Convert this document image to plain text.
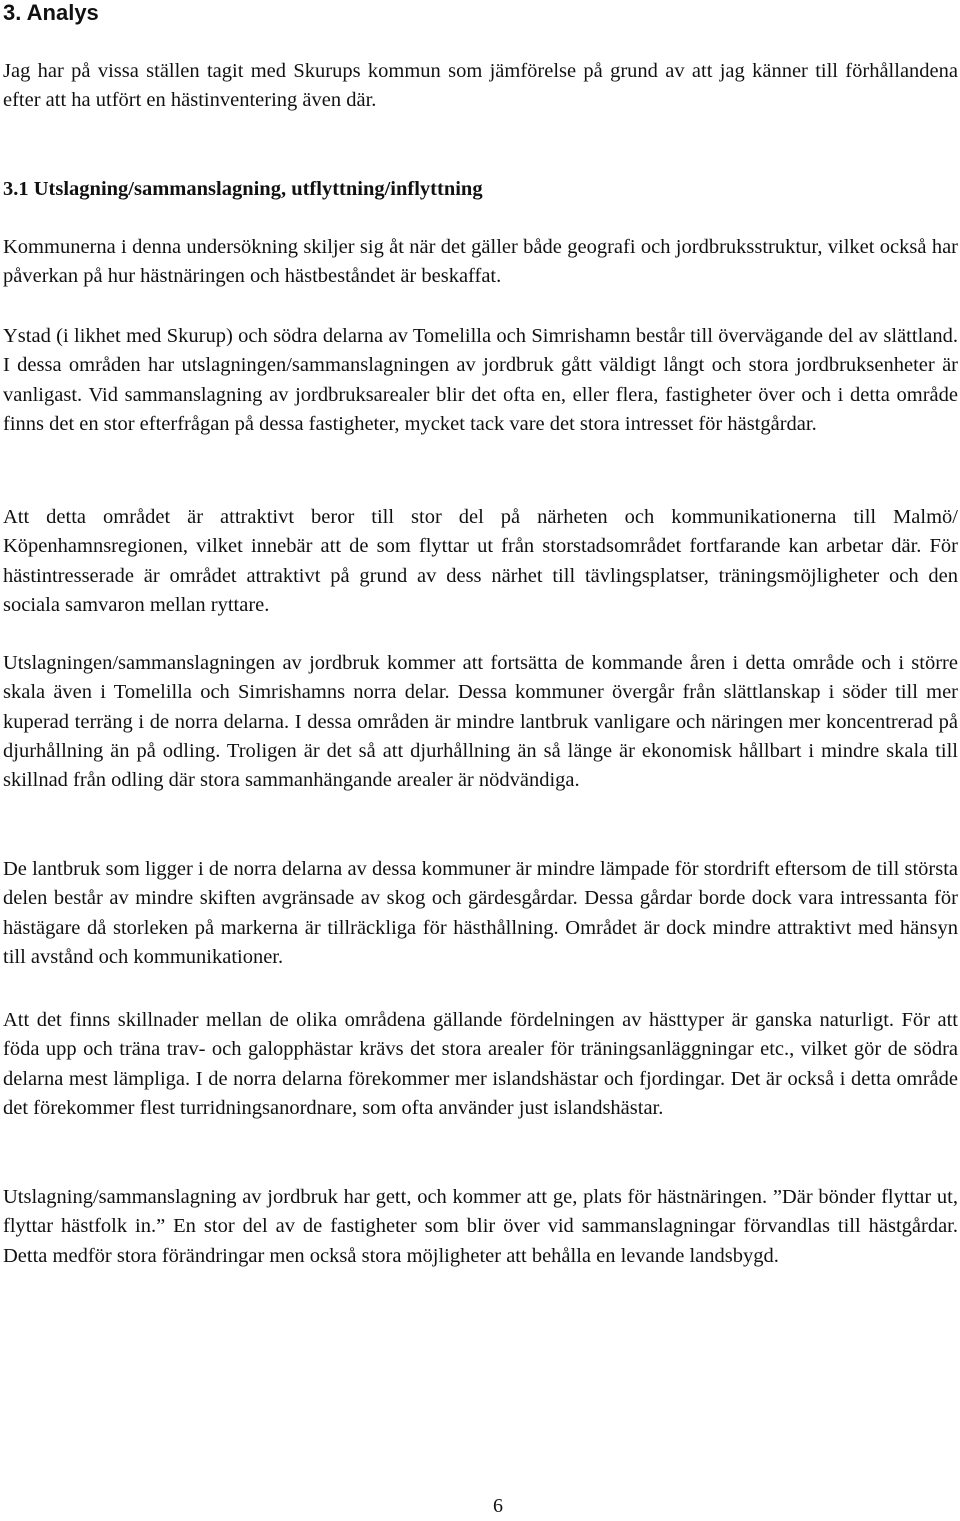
3. Analys

Jag har på vissa ställen tagit med Skurups kommun som jämförelse på grund av att jag känner till förhållandena efter att ha utfört en hästinventering även där.

3.1 Utslagning/sammanslagning, utflyttning/inflyttning

Kommunerna i denna undersökning skiljer sig åt när det gäller både geografi och jordbruksstruktur, vilket också har påverkan på hur hästnäringen och hästbeståndet är beskaffat.

Ystad (i likhet med Skurup) och södra delarna av Tomelilla och Simrishamn består till övervägande del av slättland. I dessa områden har utslagningen/sammanslagningen av jordbruk gått väldigt långt och stora jordbruksenheter är vanligast. Vid sammanslagning av jordbruksarealer blir det ofta en, eller flera, fastigheter över och i detta område finns det en stor efterfrågan på dessa fastigheter, mycket tack vare det stora intresset för hästgårdar.

Att detta området är attraktivt beror till stor del på närheten och kommunikationerna till Malmö/ Köpenhamnsregionen, vilket innebär att de som flyttar ut från storstadsområdet fortfarande kan arbetar där. För hästintresserade är området attraktivt på grund av dess närhet till tävlingsplatser, träningsmöjligheter och den sociala samvaron mellan ryttare.

Utslagningen/sammanslagningen av jordbruk kommer att fortsätta de kommande åren i detta område och i större skala även i Tomelilla och Simrishamns norra delar. Dessa kommuner övergår från slättlanskap i söder till mer kuperad terräng i de norra delarna. I dessa områden är mindre lantbruk vanligare och näringen mer koncentrerad på djurhållning än på odling. Troligen är det så att djurhållning än så länge är ekonomisk hållbart i mindre skala till skillnad från odling där stora sammanhängande arealer är nödvändiga.

De lantbruk som ligger i de norra delarna av dessa kommuner är mindre lämpade för stordrift eftersom de till största delen består av mindre skiften avgränsade av skog och gärdesgårdar. Dessa gårdar borde dock vara intressanta för hästägare då storleken på markerna är tillräckliga för hästhållning. Området är dock mindre attraktivt med hänsyn till avstånd och kommunikationer.

Att det finns skillnader mellan de olika områdena gällande fördelningen av hästtyper är ganska naturligt. För att föda upp och träna trav- och galopphästar krävs det stora arealer för träningsanläggningar etc., vilket gör de södra delarna mest lämpliga. I de norra delarna förekommer mer islandshästar och fjordingar. Det är också i detta område det förekommer flest turridningsanordnare, som ofta använder just islandshästar.

Utslagning/sammanslagning av jordbruk har gett, och kommer att ge, plats för hästnäringen. ”Där bönder flyttar ut, flyttar hästfolk in.” En stor del av de fastigheter som blir över vid sammanslagningar förvandlas till hästgårdar. Detta medför stora förändringar men också stora möjligheter att behålla en levande landsbygd.

6
